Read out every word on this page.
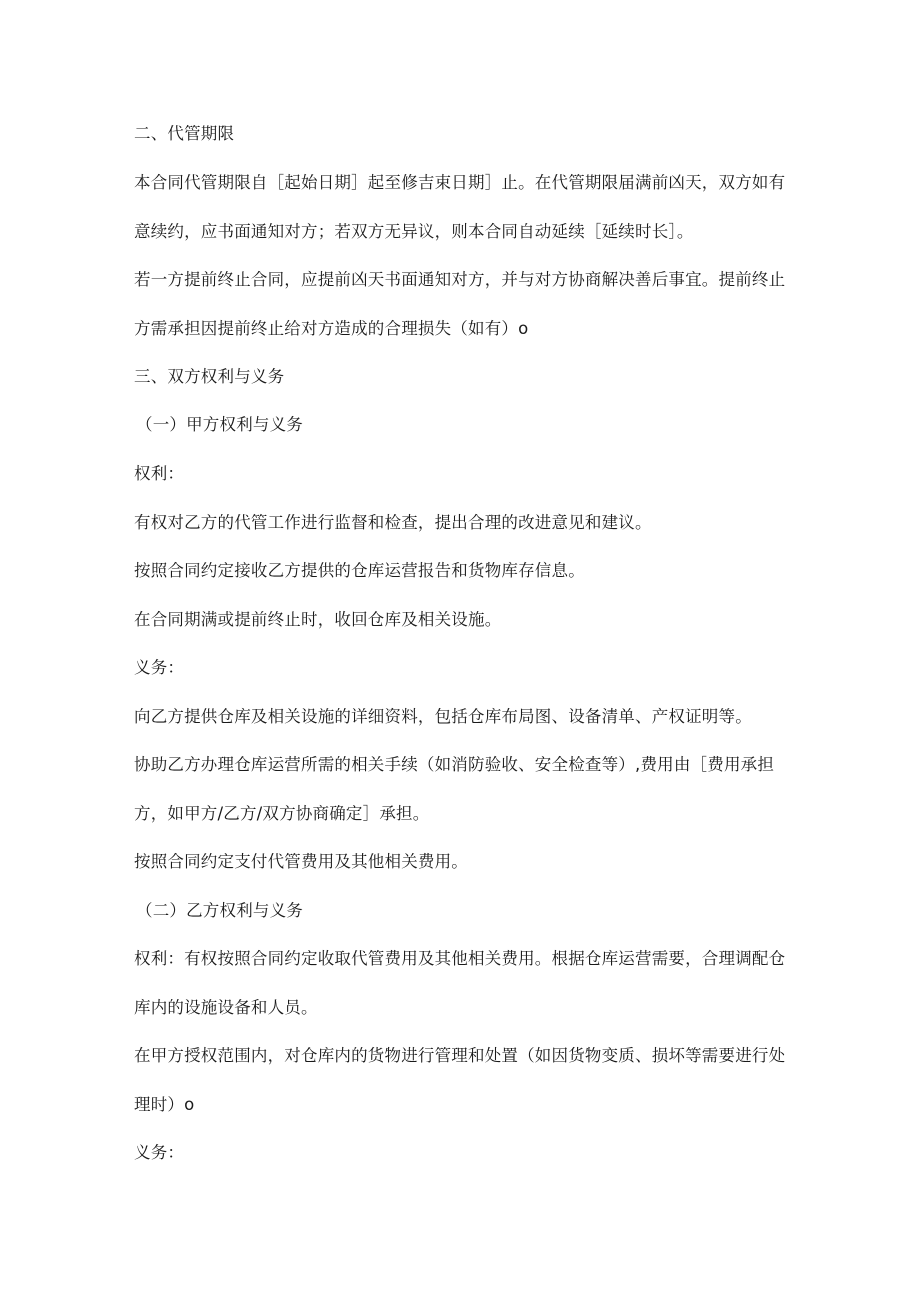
二、代管期限
本合同代管期限自［起始日期］起至修吉束日期］止。在代管期限届满前凶天，双方如有
意续约，应书面通知对方；若双方无异议，则本合同自动延续［延续时长］。
若一方提前终止合同，应提前凶天书面通知对方，并与对方协商解决善后事宜。提前终止
方需承担因提前终止给对方造成的合理损失（如有）o
三、双方权利与义务
（一）甲方权利与义务
权利：
有权对乙方的代管工作进行监督和检查，提出合理的改进意见和建议。
按照合同约定接收乙方提供的仓库运营报告和货物库存信息。
在合同期满或提前终止时，收回仓库及相关设施。
义务：
向乙方提供仓库及相关设施的详细资料，包括仓库布局图、设备清单、产权证明等。
协助乙方办理仓库运营所需的相关手续（如消防验收、安全检查等）,费用由［费用承担
方，如甲方/乙方/双方协商确定］承担。
按照合同约定支付代管费用及其他相关费用。
（二）乙方权利与义务
权利：有权按照合同约定收取代管费用及其他相关费用。根据仓库运营需要，合理调配仓
库内的设施设备和人员。
在甲方授权范围内，对仓库内的货物进行管理和处置（如因货物变质、损坏等需要进行处
理时）o
义务：
